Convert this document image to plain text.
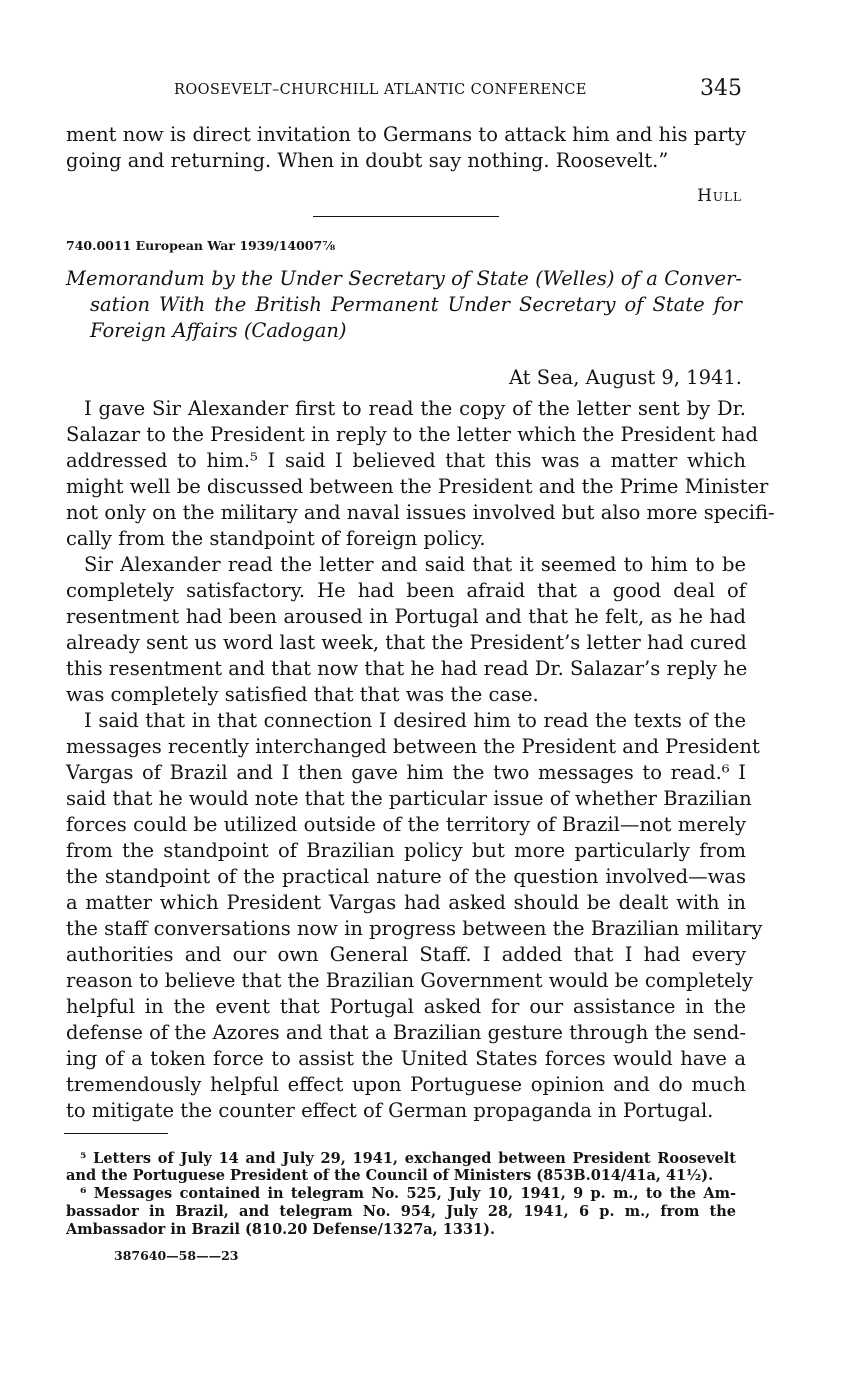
ROOSEVELT–CHURCHILL ATLANTIC CONFERENCE	345
ment now is direct invitation to Germans to attack him and his party
going and returning. When in doubt say nothing. Roosevelt.”
Hull
740.0011 European War 1939/14007⅞
Memorandum by the Under Secretary of State (Welles) of a Conver-
sation With the British Permanent Under Secretary of State for
Foreign Affairs (Cadogan)
At Sea, August 9, 1941.
I gave Sir Alexander first to read the copy of the letter sent by Dr.
Salazar to the President in reply to the letter which the President had
addressed to him.⁵ I said I believed that this was a matter which
might well be discussed between the President and the Prime Minister
not only on the military and naval issues involved but also more specifi-
cally from the standpoint of foreign policy.
Sir Alexander read the letter and said that it seemed to him to be
completely satisfactory. He had been afraid that a good deal of
resentment had been aroused in Portugal and that he felt, as he had
already sent us word last week, that the President’s letter had cured
this resentment and that now that he had read Dr. Salazar’s reply he
was completely satisfied that that was the case.
I said that in that connection I desired him to read the texts of the
messages recently interchanged between the President and President
Vargas of Brazil and I then gave him the two messages to read.⁶ I
said that he would note that the particular issue of whether Brazilian
forces could be utilized outside of the territory of Brazil—not merely
from the standpoint of Brazilian policy but more particularly from
the standpoint of the practical nature of the question involved—was
a matter which President Vargas had asked should be dealt with in
the staff conversations now in progress between the Brazilian military
authorities and our own General Staff. I added that I had every
reason to believe that the Brazilian Government would be completely
helpful in the event that Portugal asked for our assistance in the
defense of the Azores and that a Brazilian gesture through the send-
ing of a token force to assist the United States forces would have a
tremendously helpful effect upon Portuguese opinion and do much
to mitigate the counter effect of German propaganda in Portugal.
⁵ Letters of July 14 and July 29, 1941, exchanged between President Roosevelt
and the Portuguese President of the Council of Ministers (853B.014/41a, 41½).
⁶ Messages contained in telegram No. 525, July 10, 1941, 9 p. m., to the Am-
bassador in Brazil, and telegram No. 954, July 28, 1941, 6 p. m., from the
Ambassador in Brazil (810.20 Defense/1327a, 1331).
387640—58——23
